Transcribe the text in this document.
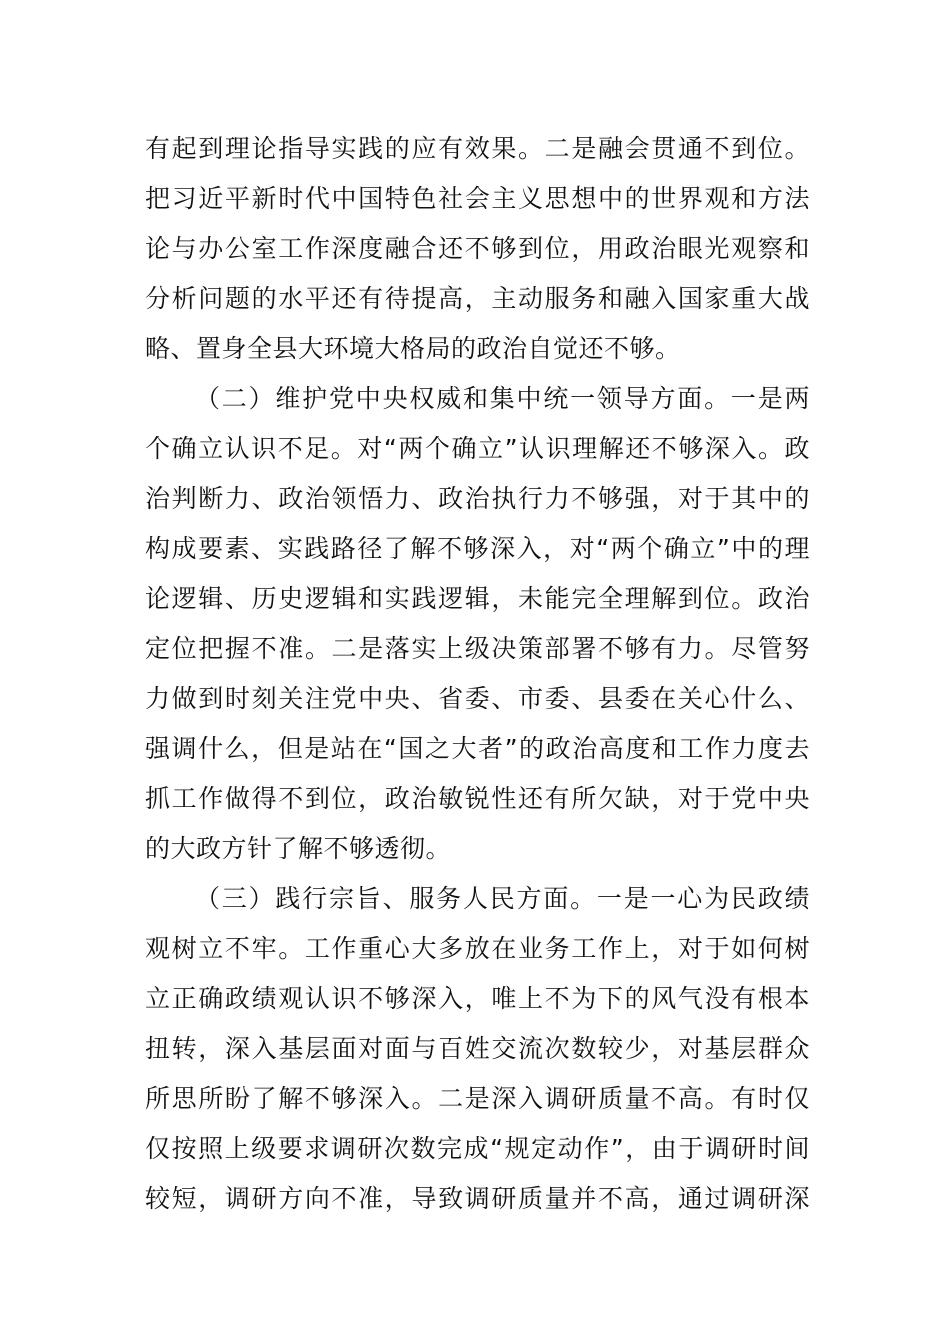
有起到理论指导实践的应有效果。二是融会贯通不到位。
把习近平新时代中国特色社会主义思想中的世界观和方法
论与办公室工作深度融合还不够到位，用政治眼光观察和
分析问题的水平还有待提高，主动服务和融入国家重大战
略、置身全县大环境大格局的政治自觉还不够。
（二）维护党中央权威和集中统一领导方面。一是两
个确立认识不足。对“两个确立”认识理解还不够深入。政
治判断力、政治领悟力、政治执行力不够强，对于其中的
构成要素、实践路径了解不够深入，对“两个确立”中的理
论逻辑、历史逻辑和实践逻辑，未能完全理解到位。政治
定位把握不准。二是落实上级决策部署不够有力。尽管努
力做到时刻关注党中央、省委、市委、县委在关心什么、
强调什么，但是站在“国之大者”的政治高度和工作力度去
抓工作做得不到位，政治敏锐性还有所欠缺，对于党中央
的大政方针了解不够透彻。
（三）践行宗旨、服务人民方面。一是一心为民政绩
观树立不牢。工作重心大多放在业务工作上，对于如何树
立正确政绩观认识不够深入，唯上不为下的风气没有根本
扭转，深入基层面对面与百姓交流次数较少，对基层群众
所思所盼了解不够深入。二是深入调研质量不高。有时仅
仅按照上级要求调研次数完成“规定动作”，由于调研时间
较短，调研方向不准，导致调研质量并不高，通过调研深
